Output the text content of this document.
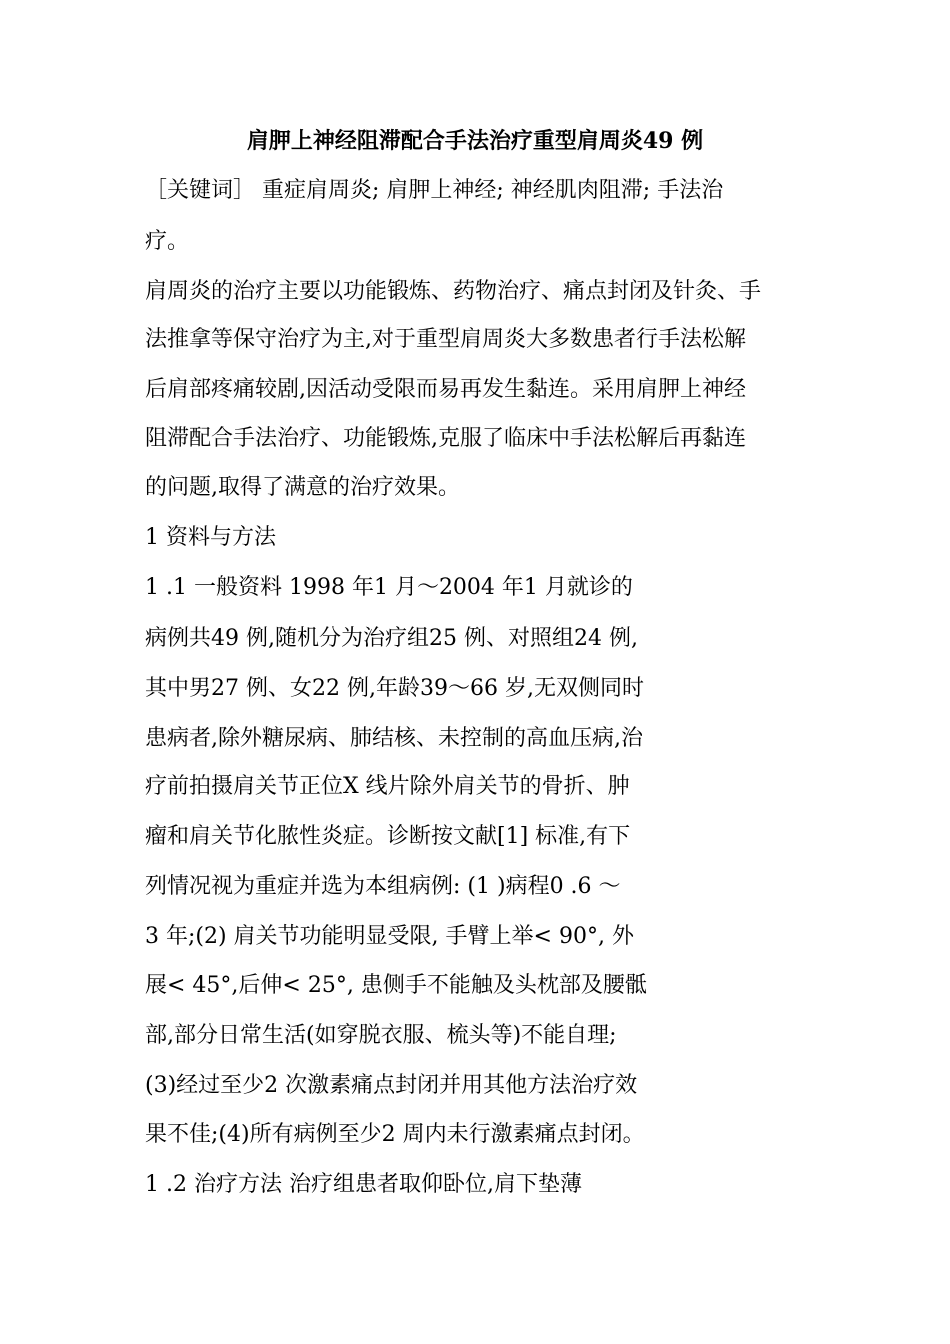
肩胛上神经阻滞配合手法治疗重型肩周炎49 例
［关键词］ 重症肩周炎; 肩胛上神经; 神经肌肉阻滞; 手法治
疗。
肩周炎的治疗主要以功能锻炼、药物治疗、痛点封闭及针灸、手
法推拿等保守治疗为主,对于重型肩周炎大多数患者行手法松解
后肩部疼痛较剧,因活动受限而易再发生黏连。采用肩胛上神经
阻滞配合手法治疗、功能锻炼,克服了临床中手法松解后再黏连
的问题,取得了满意的治疗效果。
1 资料与方法
1 .1 一般资料 1998 年1 月～2004 年1 月就诊的
病例共49 例,随机分为治疗组25 例、对照组24 例,
其中男27 例、女22 例,年龄39～66 岁,无双侧同时
患病者,除外糖尿病、肺结核、未控制的高血压病,治
疗前拍摄肩关节正位X 线片除外肩关节的骨折、肿
瘤和肩关节化脓性炎症。诊断按文献[1] 标准,有下
列情况视为重症并选为本组病例: (1 )病程0 .6 ～
3 年;(2) 肩关节功能明显受限, 手臂上举< 90°, 外
展< 45°,后伸< 25°, 患侧手不能触及头枕部及腰骶
部,部分日常生活(如穿脱衣服、梳头等)不能自理;
(3)经过至少2 次激素痛点封闭并用其他方法治疗效
果不佳;(4)所有病例至少2 周内未行激素痛点封闭。
1 .2 治疗方法 治疗组患者取仰卧位,肩下垫薄
